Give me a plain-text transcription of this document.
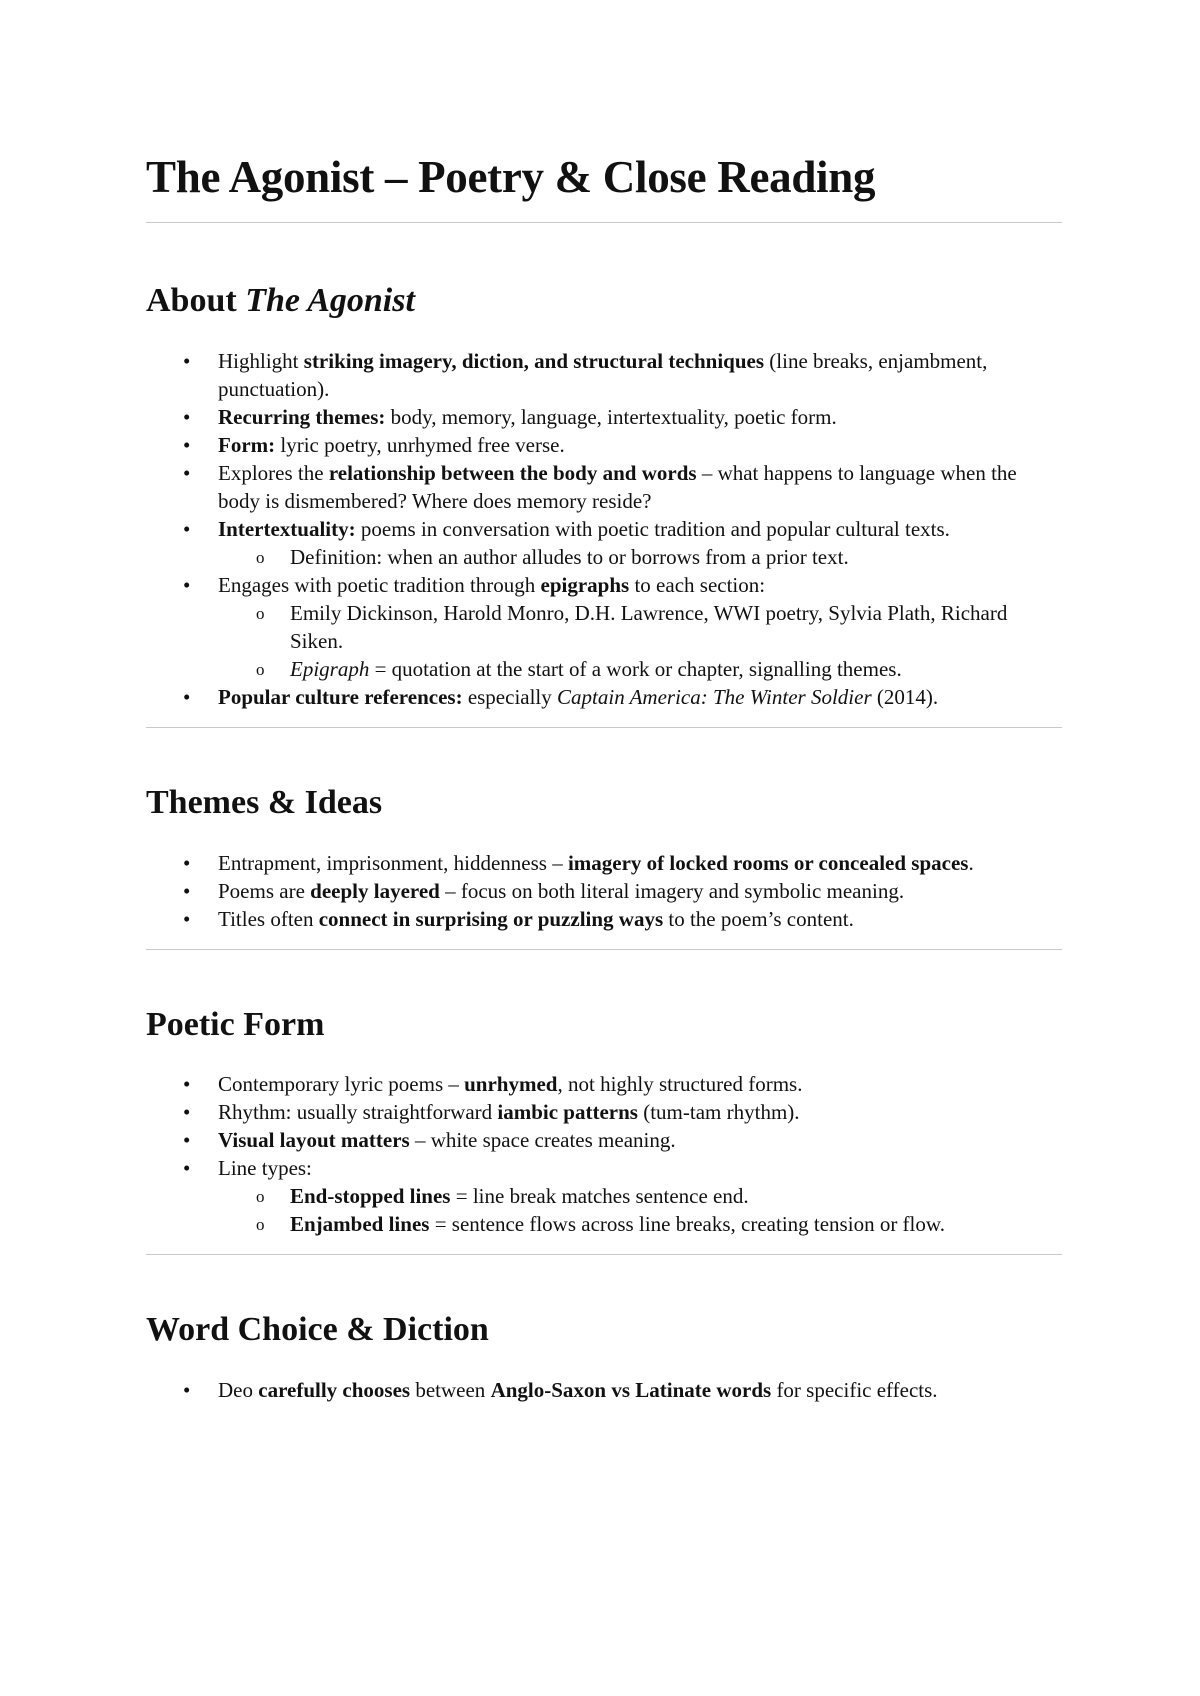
The Agonist – Poetry & Close Reading
About The Agonist
• Highlight striking imagery, diction, and structural techniques (line breaks, enjambment, punctuation).
• Recurring themes: body, memory, language, intertextuality, poetic form.
• Form: lyric poetry, unrhymed free verse.
• Explores the relationship between the body and words – what happens to language when the body is dismembered? Where does memory reside?
• Intertextuality: poems in conversation with poetic tradition and popular cultural texts.
o Definition: when an author alludes to or borrows from a prior text.
• Engages with poetic tradition through epigraphs to each section:
o Emily Dickinson, Harold Monro, D.H. Lawrence, WWI poetry, Sylvia Plath, Richard Siken.
o Epigraph = quotation at the start of a work or chapter, signalling themes.
• Popular culture references: especially Captain America: The Winter Soldier (2014).
Themes & Ideas
• Entrapment, imprisonment, hiddenness – imagery of locked rooms or concealed spaces.
• Poems are deeply layered – focus on both literal imagery and symbolic meaning.
• Titles often connect in surprising or puzzling ways to the poem’s content.
Poetic Form
• Contemporary lyric poems – unrhymed, not highly structured forms.
• Rhythm: usually straightforward iambic patterns (tum-tam rhythm).
• Visual layout matters – white space creates meaning.
• Line types:
o End-stopped lines = line break matches sentence end.
o Enjambed lines = sentence flows across line breaks, creating tension or flow.
Word Choice & Diction
• Deo carefully chooses between Anglo-Saxon vs Latinate words for specific effects.
